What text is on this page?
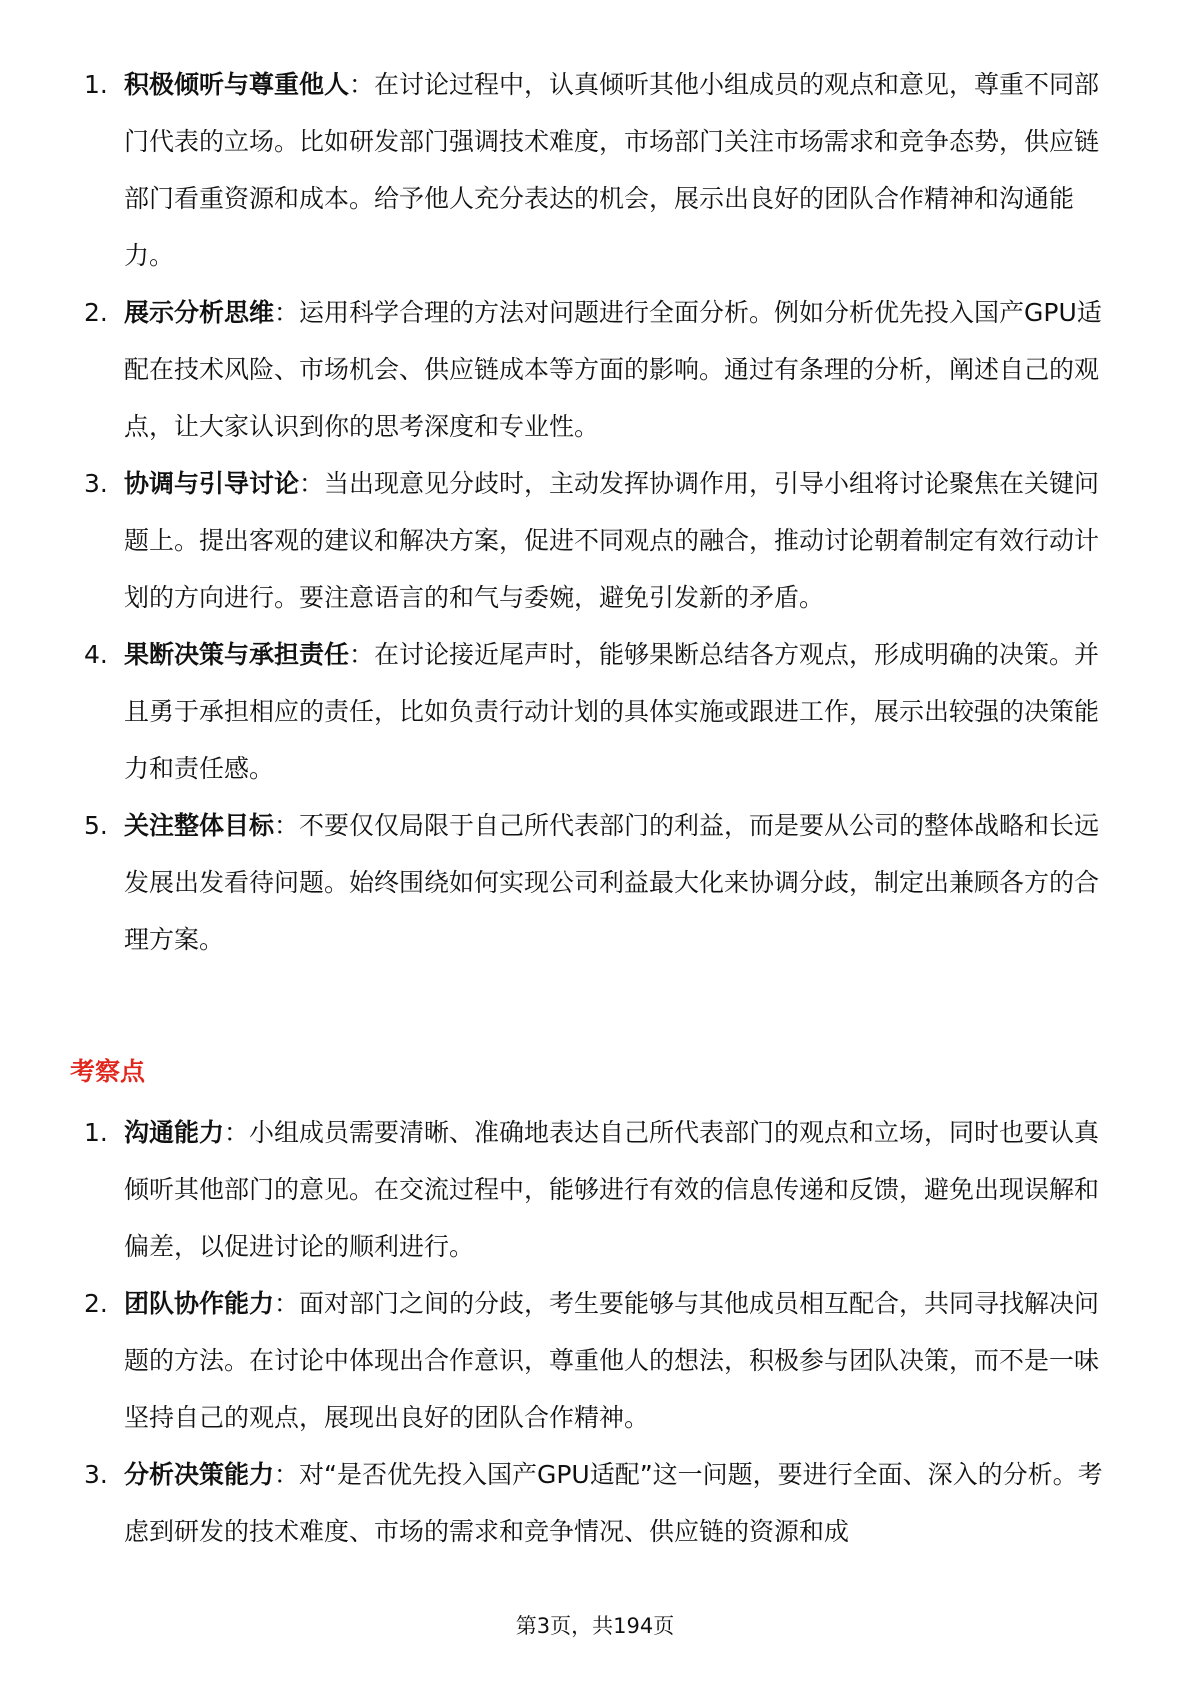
1. 积极倾听与尊重他人：在讨论过程中，认真倾听其他小组成员的观点和意见，尊重不同部门代表的立场。比如研发部门强调技术难度，市场部门关注市场需求和竞争态势，供应链部门看重资源和成本。给予他人充分表达的机会，展示出良好的团队合作精神和沟通能力。
2. 展示分析思维：运用科学合理的方法对问题进行全面分析。例如分析优先投入国产GPU适配在技术风险、市场机会、供应链成本等方面的影响。通过有条理的分析，阐述自己的观点，让大家认识到你的思考深度和专业性。
3. 协调与引导讨论：当出现意见分歧时，主动发挥协调作用，引导小组将讨论聚焦在关键问题上。提出客观的建议和解决方案，促进不同观点的融合，推动讨论朝着制定有效行动计划的方向进行。要注意语言的和气与委婉，避免引发新的矛盾。
4. 果断决策与承担责任：在讨论接近尾声时，能够果断总结各方观点，形成明确的决策。并且勇于承担相应的责任，比如负责行动计划的具体实施或跟进工作，展示出较强的决策能力和责任感。
5. 关注整体目标：不要仅仅局限于自己所代表部门的利益，而是要从公司的整体战略和长远发展出发看待问题。始终围绕如何实现公司利益最大化来协调分歧，制定出兼顾各方的合理方案。
考察点
1. 沟通能力：小组成员需要清晰、准确地表达自己所代表部门的观点和立场，同时也要认真倾听其他部门的意见。在交流过程中，能够进行有效的信息传递和反馈，避免出现误解和偏差，以促进讨论的顺利进行。
2. 团队协作能力：面对部门之间的分歧，考生要能够与其他成员相互配合，共同寻找解决问题的方法。在讨论中体现出合作意识，尊重他人的想法，积极参与团队决策，而不是一味坚持自己的观点，展现出良好的团队合作精神。
3. 分析决策能力：对“是否优先投入国产GPU适配”这一问题，要进行全面、深入的分析。考虑到研发的技术难度、市场的需求和竞争情况、供应链的资源和成
第3页，共194页
